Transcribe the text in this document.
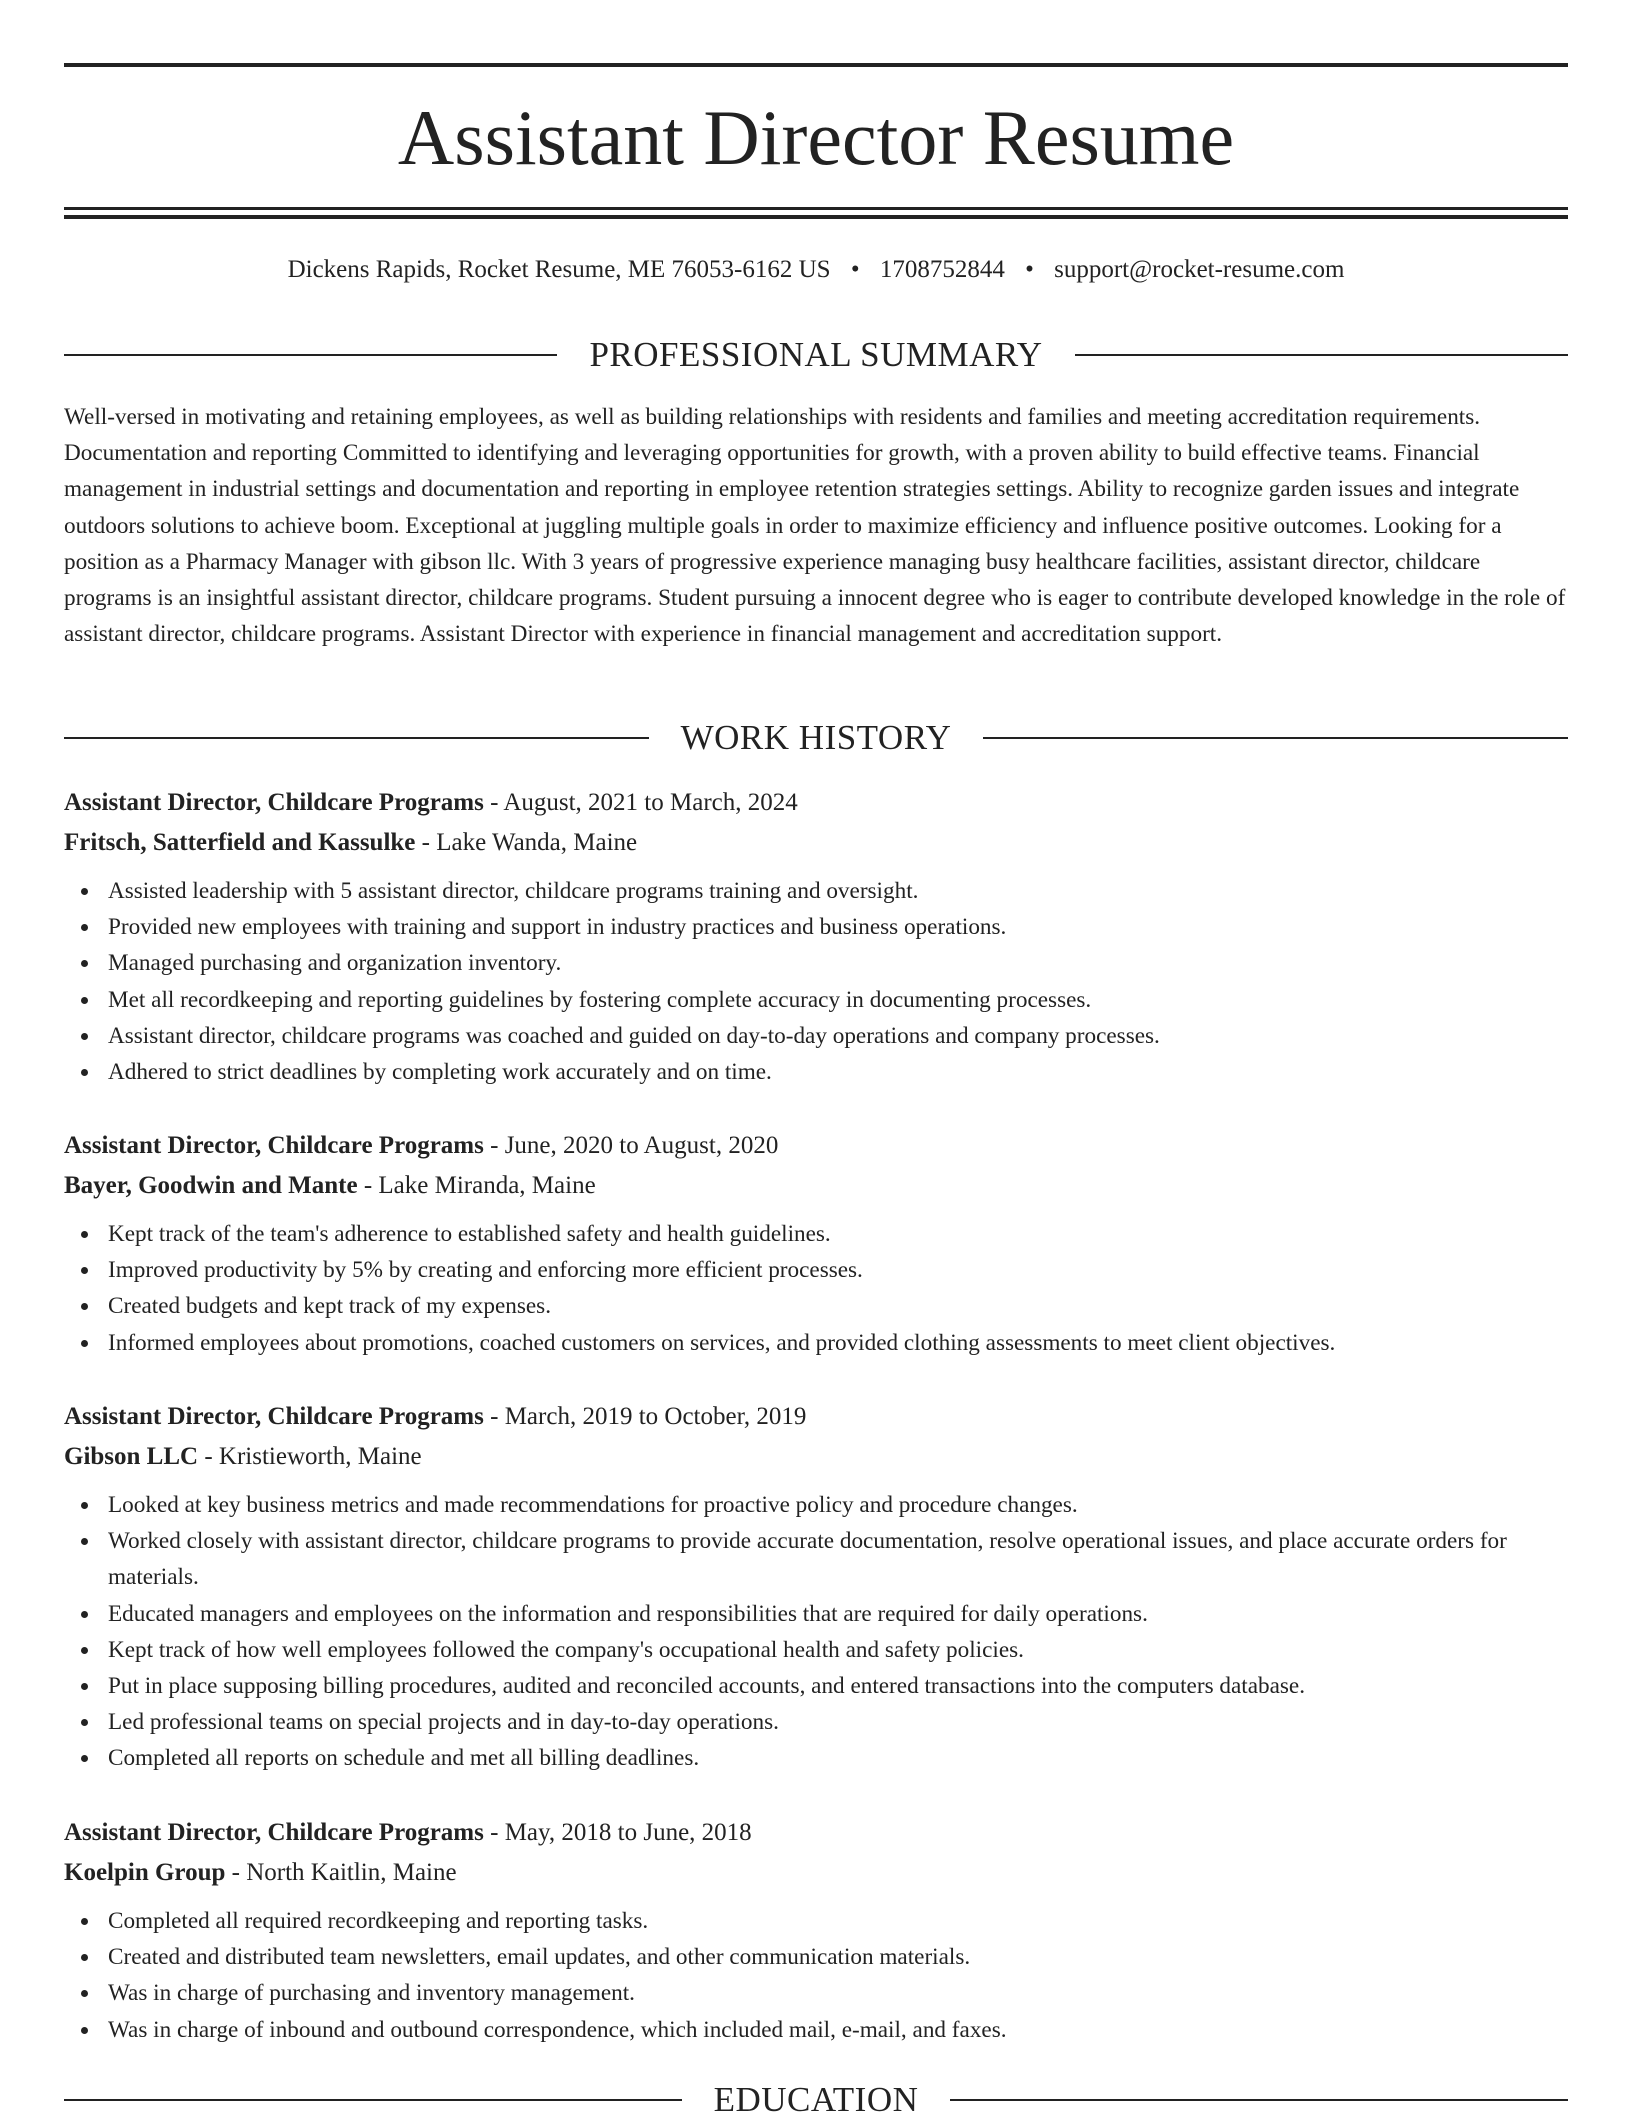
Assistant Director Resume
Dickens Rapids, Rocket Resume, ME 76053-6162 US • 1708752844 • support@rocket-resume.com
PROFESSIONAL SUMMARY

Well-versed in motivating and retaining employees, as well as building relationships with residents and families and meeting accreditation requirements. Documentation and reporting Committed to identifying and leveraging opportunities for growth, with a proven ability to build effective teams. Financial management in industrial settings and documentation and reporting in employee retention strategies settings. Ability to recognize garden issues and integrate outdoors solutions to achieve boom. Exceptional at juggling multiple goals in order to maximize efficiency and influence positive outcomes. Looking for a position as a Pharmacy Manager with gibson llc. With 3 years of progressive experience managing busy healthcare facilities, assistant director, childcare programs is an insightful assistant director, childcare programs. Student pursuing a innocent degree who is eager to contribute developed knowledge in the role of assistant director, childcare programs. Assistant Director with experience in financial management and accreditation support.

WORK HISTORY
Assistant Director, Childcare Programs - August, 2021 to March, 2024
Fritsch, Satterfield and Kassulke - Lake Wanda, Maine
Assisted leadership with 5 assistant director, childcare programs training and oversight.
Provided new employees with training and support in industry practices and business operations.
Managed purchasing and organization inventory.
Met all recordkeeping and reporting guidelines by fostering complete accuracy in documenting processes.
Assistant director, childcare programs was coached and guided on day-to-day operations and company processes.
Adhered to strict deadlines by completing work accurately and on time.
Assistant Director, Childcare Programs - June, 2020 to August, 2020
Bayer, Goodwin and Mante - Lake Miranda, Maine
Kept track of the team's adherence to established safety and health guidelines.
Improved productivity by 5% by creating and enforcing more efficient processes.
Created budgets and kept track of my expenses.
Informed employees about promotions, coached customers on services, and provided clothing assessments to meet client objectives.
Assistant Director, Childcare Programs - March, 2019 to October, 2019
Gibson LLC - Kristieworth, Maine
Looked at key business metrics and made recommendations for proactive policy and procedure changes.
Worked closely with assistant director, childcare programs to provide accurate documentation, resolve operational issues, and place accurate orders for materials.
Educated managers and employees on the information and responsibilities that are required for daily operations.
Kept track of how well employees followed the company's occupational health and safety policies.
Put in place supposing billing procedures, audited and reconciled accounts, and entered transactions into the computers database.
Led professional teams on special projects and in day-to-day operations.
Completed all reports on schedule and met all billing deadlines.
Assistant Director, Childcare Programs - May, 2018 to June, 2018
Koelpin Group - North Kaitlin, Maine
Completed all required recordkeeping and reporting tasks.
Created and distributed team newsletters, email updates, and other communication materials.
Was in charge of purchasing and inventory management.
Was in charge of inbound and outbound correspondence, which included mail, e-mail, and faxes.
EDUCATION
